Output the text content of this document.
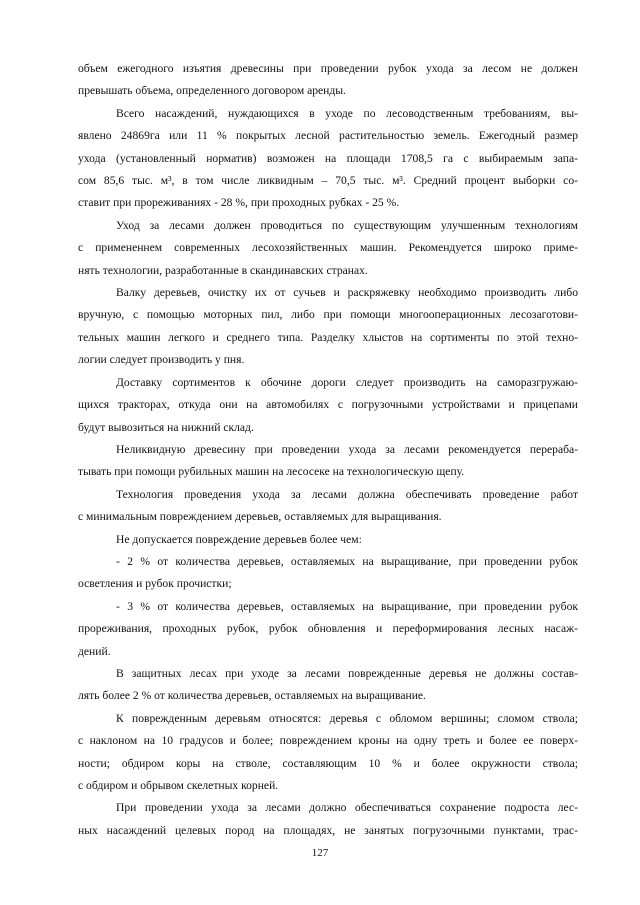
объем ежегодного изъятия древесины при проведении рубок ухода за лесом не должен
превышать объема, определенного договором аренды.

Всего насаждений, нуждающихся в уходе по лесоводственным требованиям, вы-
явлено 24869га или 11 % покрытых лесной растительностью земель. Ежегодный размер
ухода (установленный норматив) возможен на площади 1708,5 га с выбираемым запа-
сом 85,6 тыс. м³, в том числе ликвидным – 70,5 тыс. м³. Средний процент выборки со-
ставит при прореживаниях - 28 %, при проходных рубках - 25 %.

Уход за лесами должен проводиться по существующим улучшенным технологиям
с примененнем современных лесохозяйственных машин. Рекомендуется широко приме-
нять технологии, разработанные в скандинавских странах.

Валку деревьев, очистку их от сучьев и раскряжевку необходимо производить либо
вручную, с помощью моторных пил, либо при помощи многооперационных лесозаготови-
тельных машин легкого и среднего типа. Разделку хлыстов на сортименты по этой техно-
логии следует производить у пня.

Доставку сортиментов к обочине дороги следует производить на саморазгружаю-
щихся тракторах, откуда они на автомобилях с погрузочными устройствами и прицепами
будут вывозиться на нижний склад.

Неликвидную древесину при проведении ухода за лесами рекомендуется перераба-
тывать при помощи рубильных машин на лесосеке на технологическую щепу.

Технология проведения ухода за лесами должна обеспечивать проведение работ
с минимальным повреждением деревьев, оставляемых для выращивания.

Не допускается повреждение деревьев более чем:

- 2 % от количества деревьев, оставляемых на выращивание, при проведении рубок
осветления и рубок прочистки;

- 3 % от количества деревьев, оставляемых на выращивание, при проведении рубок
прореживания, проходных рубок, рубок обновления и переформирования лесных насаж-
дений.

В защитных лесах при уходе за лесами поврежденные деревья не должны состав-
лять более 2 % от количества деревьев, оставляемых на выращивание.

К поврежденным деревьям относятся: деревья с обломом вершины; сломом ствола;
с наклоном на 10 градусов и более; повреждением кроны на одну треть и более ее поверх-
ности; обдиром коры на стволе, составляющим 10 % и более окружности ствола;
с обдиром и обрывом скелетных корней.

При проведении ухода за лесами должно обеспечиваться сохранение подроста лес-
ных насаждений целевых пород на площадях, не занятых погрузочными пунктами, трас-

127
